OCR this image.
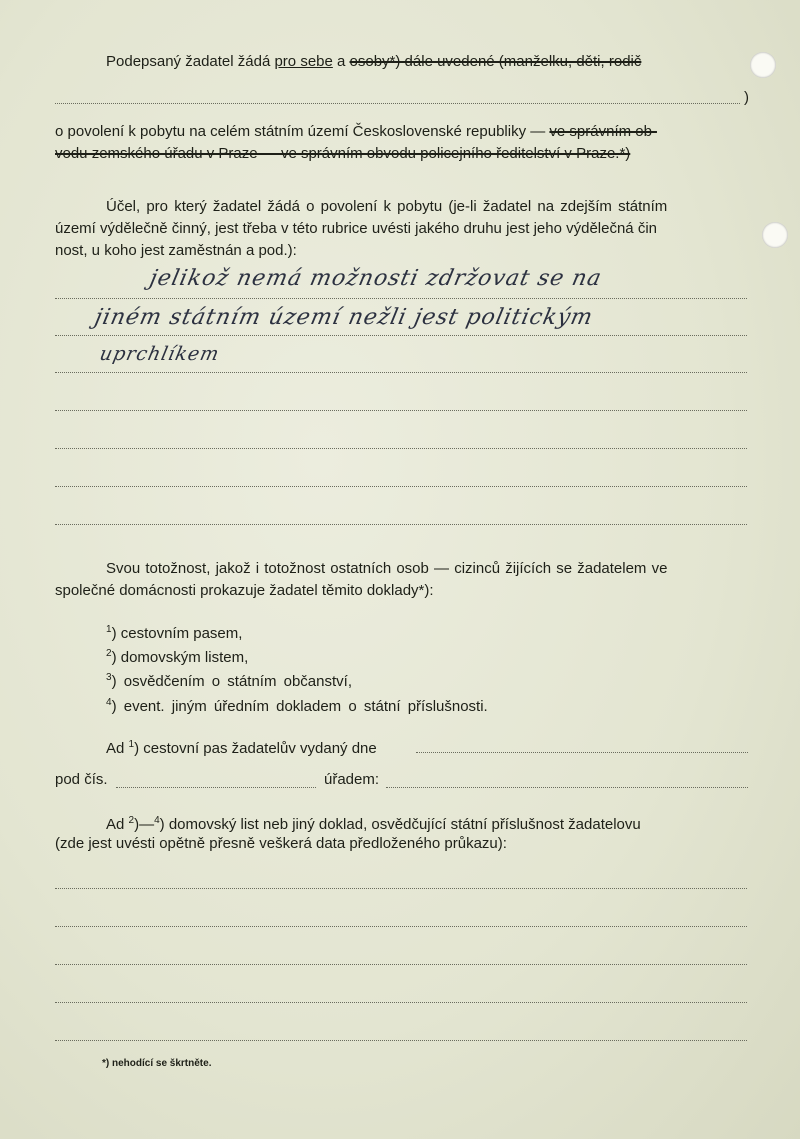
Podepsaný žadatel žádá pro sebe a osoby*) dále uvedené (manželku, děti, rodič
)
o povolení k pobytu na celém státním území Československé republiky — ve správním ob-
vodu zemského úřadu v Praze — ve správním obvodu policejního ředitelství v Praze.*)
Účel, pro který žadatel žádá o povolení k pobytu (je-li žadatel na zdejším státním
území výdělečně činný, jest třeba v této rubrice uvésti jakého druhu jest jeho výdělečná čin
nost, u koho jest zaměstnán a pod.):
jelikož nemá možnosti zdržovat se na
jiném státním území nežli jest politickým
uprchlíkem
Svou totožnost, jakož i totožnost ostatních osob — cizinců žijících se žadatelem ve
společné domácnosti prokazuje žadatel těmito doklady*):
$^1$) cestovním pasem,
$^2$) domovským listem,
$^3$) osvědčením o státním občanství,
$^4$) event. jiným úředním dokladem o státní příslušnosti.
Ad $^1$) cestovní pas žadatelův vydaný dne
pod čís.	úřadem:
Ad $^2$)—$^4$) domovský list neb jiný doklad, osvědčující státní příslušnost žadatelovu
(zde jest uvésti opětně přesně veškerá data předloženého průkazu):
*) nehodící se škrtněte.
